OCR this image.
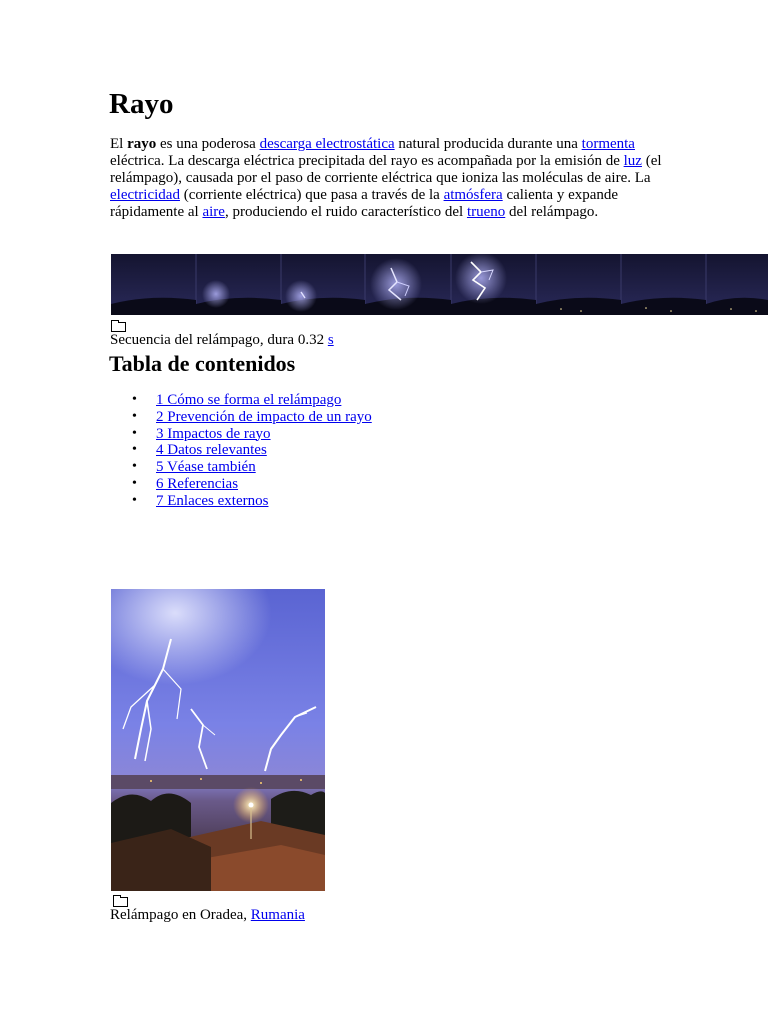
Rayo

El rayo es una poderosa descarga electrostática natural producida durante una tormenta eléctrica. La descarga eléctrica precipitada del rayo es acompañada por la emisión de luz (el relámpago), causada por el paso de corriente eléctrica que ioniza las moléculas de aire. La electricidad (corriente eléctrica) que pasa a través de la atmósfera calienta y expande rápidamente al aire, produciendo el ruido característico del trueno del relámpago.

Secuencia del relámpago, dura 0.32 s

Tabla de contenidos
• 1 Cómo se forma el relámpago
• 2 Prevención de impacto de un rayo
• 3 Impactos de rayo
• 4 Datos relevantes
• 5 Véase también
• 6 Referencias
• 7 Enlaces externos

Relámpago en Oradea, Rumania
